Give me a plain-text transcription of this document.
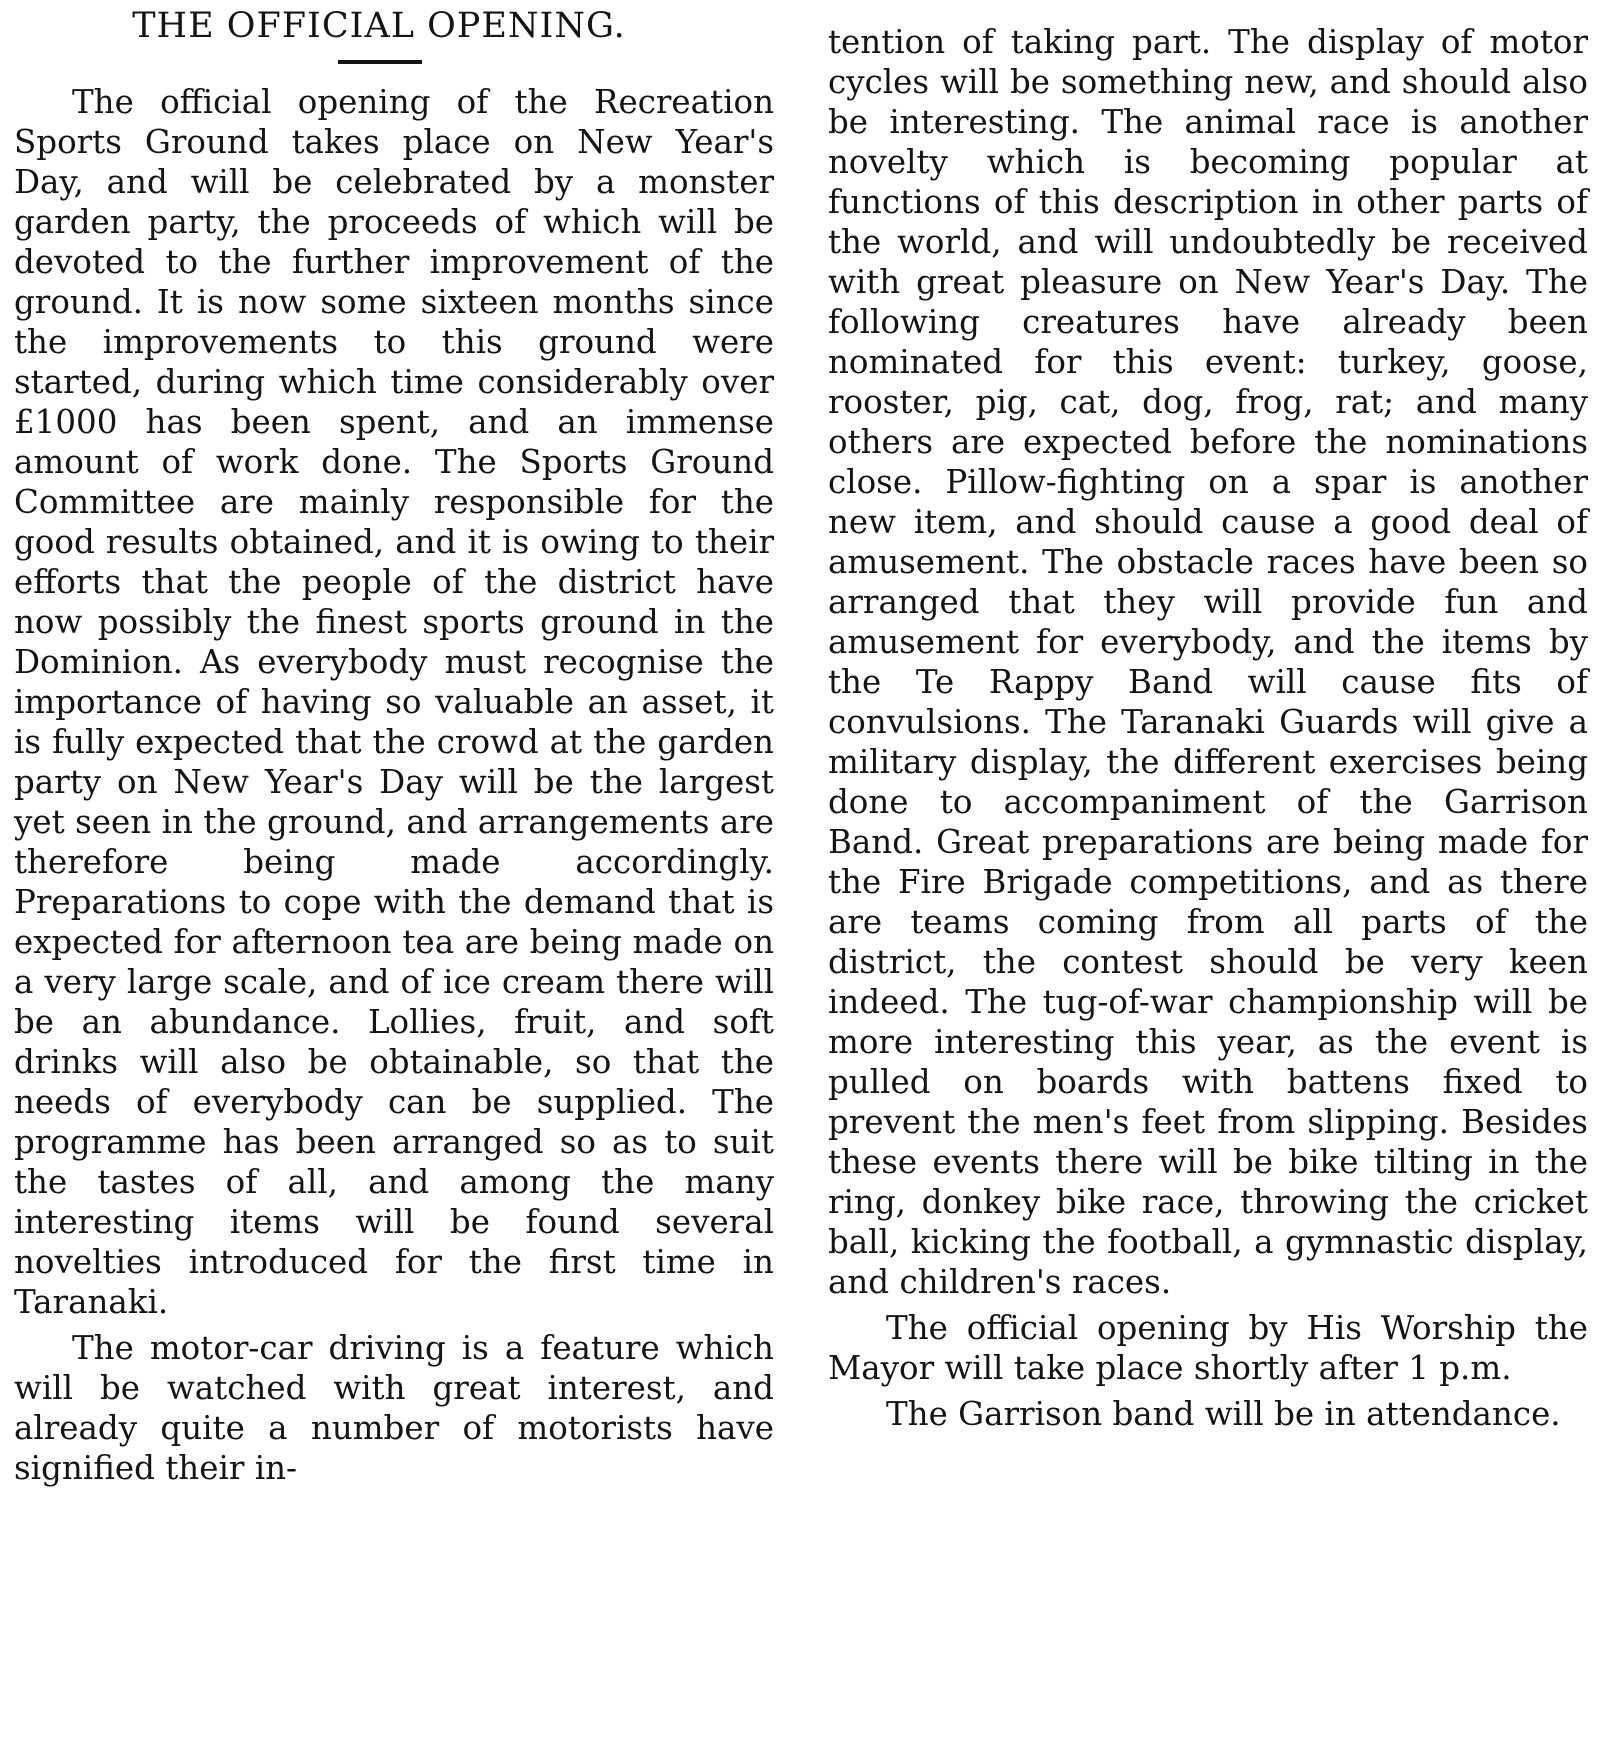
THE OFFICIAL OPENING.

The official opening of the Recreation Sports Ground takes place on New Year's Day, and will be celebrated by a monster garden party, the proceeds of which will be devoted to the further improvement of the ground. It is now some sixteen months since the improvements to this ground were started, during which time considerably over £1000 has been spent, and an immense amount of work done. The Sports Ground Committee are mainly responsible for the good results obtained, and it is owing to their efforts that the people of the district have now possibly the finest sports ground in the Dominion. As everybody must recognise the importance of having so valuable an asset, it is fully expected that the crowd at the garden party on New Year's Day will be the largest yet seen in the ground, and arrangements are therefore being made accordingly. Preparations to cope with the demand that is expected for afternoon tea are being made on a very large scale, and of ice cream there will be an abundance. Lollies, fruit, and soft drinks will also be obtainable, so that the needs of everybody can be supplied. The programme has been arranged so as to suit the tastes of all, and among the many interesting items will be found several novelties introduced for the first time in Taranaki.

The motor-car driving is a feature which will be watched with great interest, and already quite a number of motorists have signified their in-

tention of taking part. The display of motor cycles will be something new, and should also be interesting. The animal race is another novelty which is becoming popular at functions of this description in other parts of the world, and will undoubtedly be received with great pleasure on New Year's Day. The following creatures have already been nominated for this event: turkey, goose, rooster, pig, cat, dog, frog, rat; and many others are expected before the nominations close. Pillow-fighting on a spar is another new item, and should cause a good deal of amusement. The obstacle races have been so arranged that they will provide fun and amusement for everybody, and the items by the Te Rappy Band will cause fits of convulsions. The Taranaki Guards will give a military display, the different exercises being done to accompaniment of the Garrison Band. Great preparations are being made for the Fire Brigade competitions, and as there are teams coming from all parts of the district, the contest should be very keen indeed. The tug-of-war championship will be more interesting this year, as the event is pulled on boards with battens fixed to prevent the men's feet from slipping. Besides these events there will be bike tilting in the ring, donkey bike race, throwing the cricket ball, kicking the football, a gymnastic display, and children's races.

The official opening by His Worship the Mayor will take place shortly after 1 p.m.

The Garrison band will be in attendance.
